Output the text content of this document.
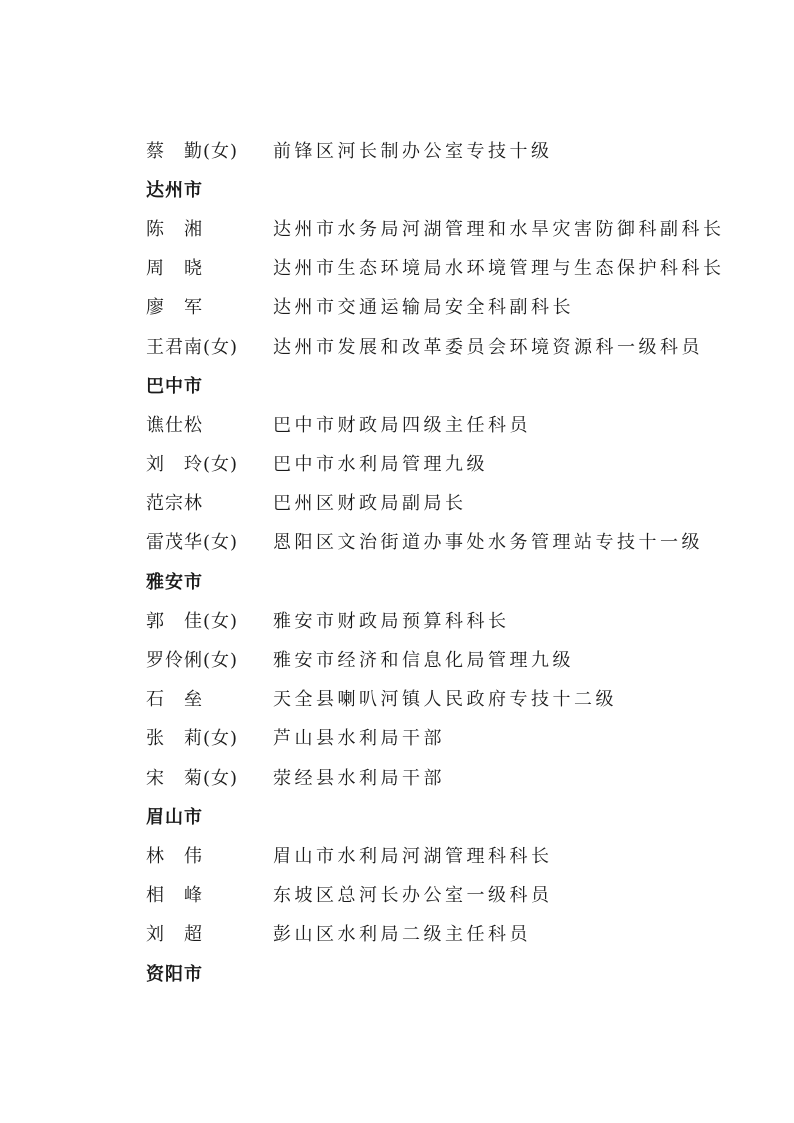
蔡　勤(女)	前锋区河长制办公室专技十级
达州市
陈　湘	达州市水务局河湖管理和水旱灾害防御科副科长
周　晓	达州市生态环境局水环境管理与生态保护科科长
廖　军	达州市交通运输局安全科副科长
王君南(女)	达州市发展和改革委员会环境资源科一级科员
巴中市
谯仕松	巴中市财政局四级主任科员
刘　玲(女)	巴中市水利局管理九级
范宗林	巴州区财政局副局长
雷茂华(女)	恩阳区文治街道办事处水务管理站专技十一级
雅安市
郭　佳(女)	雅安市财政局预算科科长
罗伶俐(女)	雅安市经济和信息化局管理九级
石　垒	天全县喇叭河镇人民政府专技十二级
张　莉(女)	芦山县水利局干部
宋　菊(女)	荥经县水利局干部
眉山市
林　伟	眉山市水利局河湖管理科科长
相　峰	东坡区总河长办公室一级科员
刘　超	彭山区水利局二级主任科员
资阳市
